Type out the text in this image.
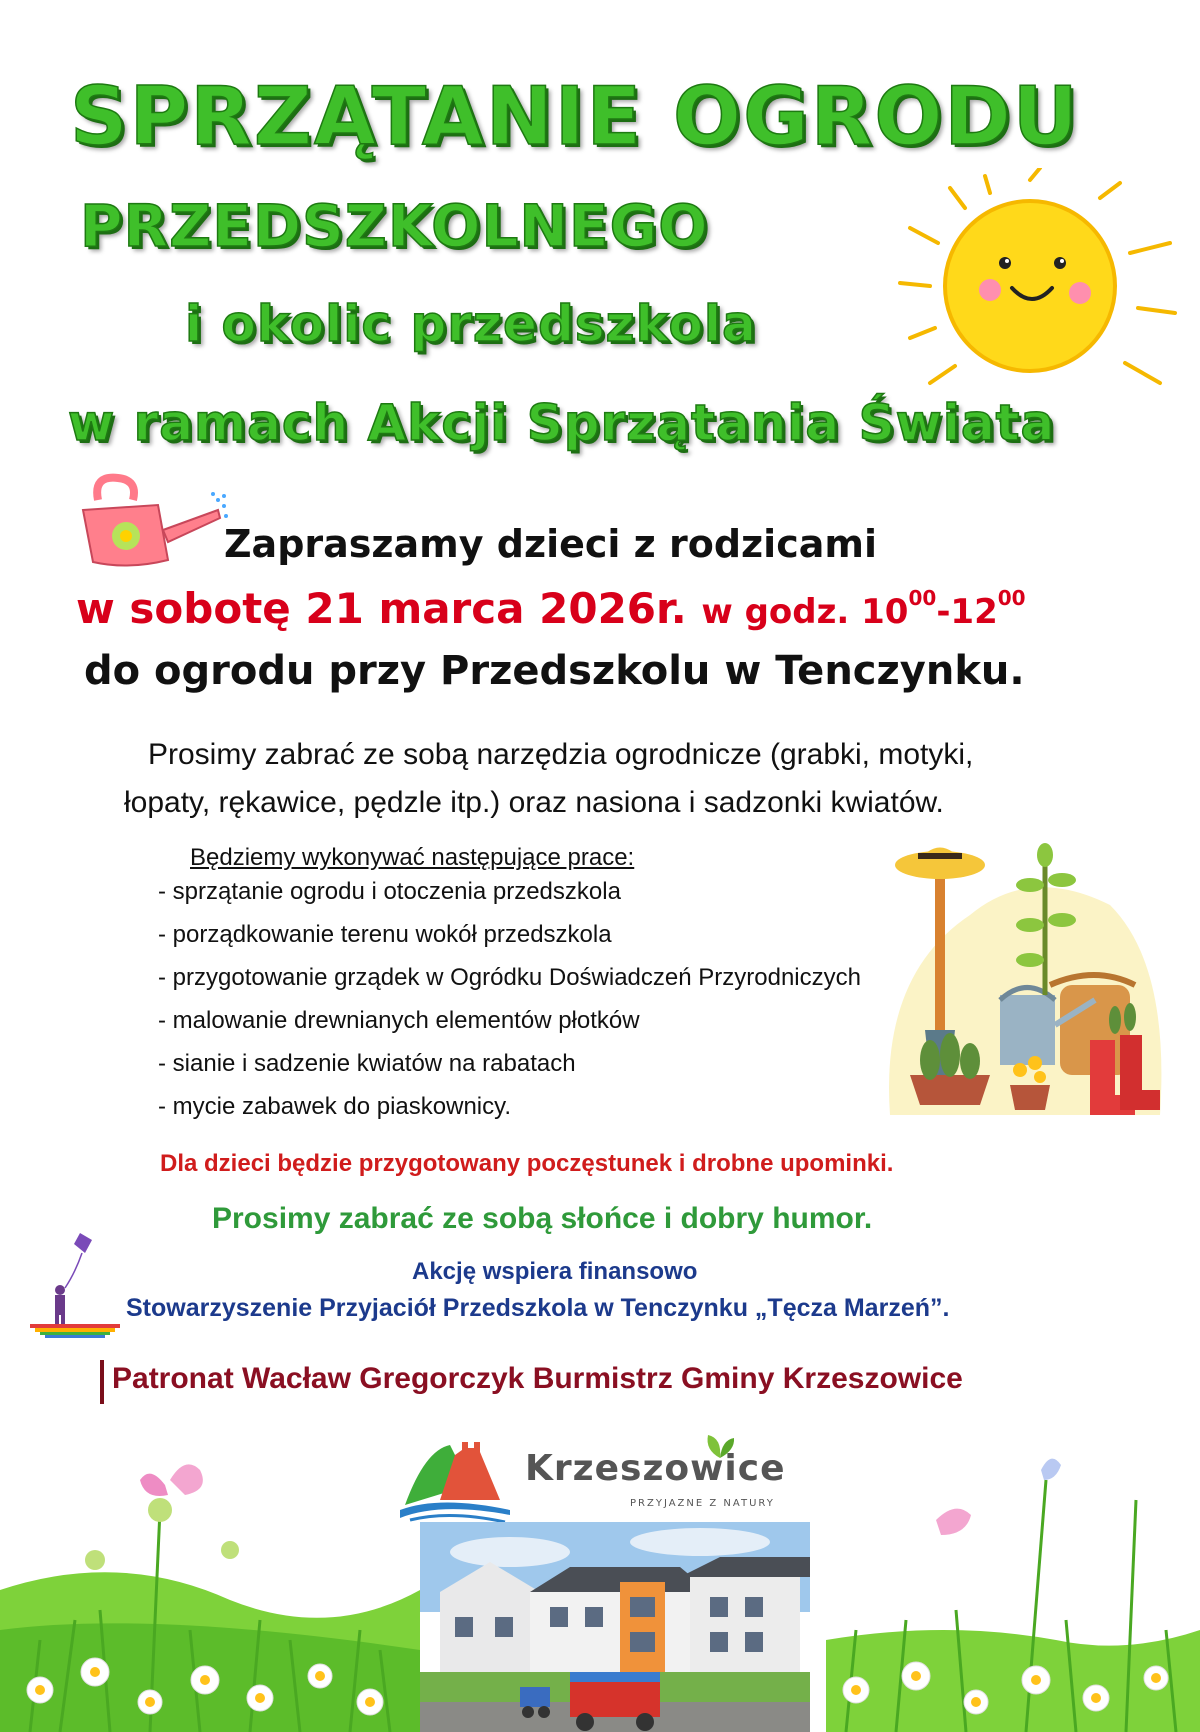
SPRZĄTANIE OGRODU
PRZEDSZKOLNEGO
i okolic przedszkola
w ramach Akcji Sprzątania Świata
Zapraszamy dzieci z rodzicami
w sobotę 21 marca 2026r. w godz. $10^{00}-12^{00}$
do ogrodu przy Przedszkolu w Tenczynku.
Prosimy zabrać ze sobą narzędzia ogrodnicze (grabki, motyki,
łopaty, rękawice, pędzle itp.) oraz nasiona i sadzonki kwiatów.
Będziemy wykonywać następujące prace:
- sprzątanie ogrodu i otoczenia przedszkola
- porządkowanie terenu wokół przedszkola
- przygotowanie grządek w Ogródku Doświadczeń Przyrodniczych
- malowanie drewnianych elementów płotków
- sianie i sadzenie kwiatów na rabatach
- mycie zabawek do piaskownicy.
Dla dzieci będzie przygotowany poczęstunek i drobne upominki.
Prosimy zabrać ze sobą słońce i dobry humor.
Akcję wspiera finansowo
Stowarzyszenie Przyjaciół Przedszkola w Tenczynku „Tęcza Marzeń”.
Patronat Wacław Gregorczyk Burmistrz Gminy Krzeszowice
Krzeszowice
PRZYJAZNE Z NATURY
